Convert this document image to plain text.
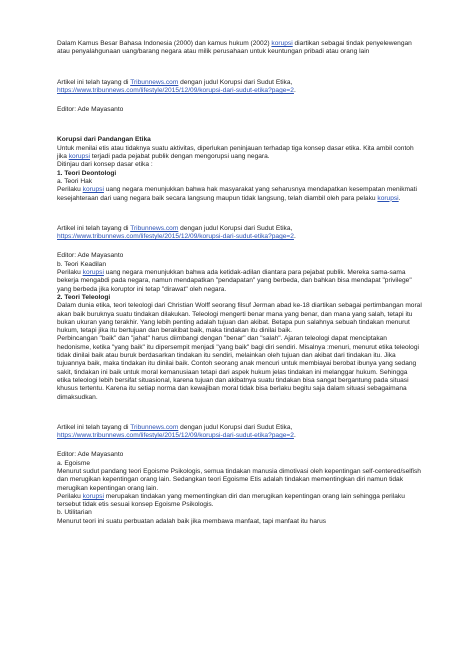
Dalam Kamus Besar Bahasa Indonesia (2000) dan kamus hukum (2002) korupsi diartikan sebagai tindak penyelewengan atau penyalahgunaan uang/barang negara atau milik perusahaan untuk keuntungan pribadi atau orang lain

Artikel ini telah tayang di Tribunnews.com dengan judul Korupsi dari Sudut Etika, https://www.tribunnews.com/lifestyle/2015/12/09/korupsi-dari-sudut-etika?page=2.

Editor: Ade Mayasanto

Korupsi dari Pandangan Etika

Untuk menilai etis atau tidaknya suatu aktivitas, diperlukan peninjauan terhadap tiga konsep dasar etika. Kita ambil contoh jika korupsi terjadi pada pejabat publik dengan mengorupsi uang negara.

Ditinjau dari konsep dasar etika :

1. Teori Deontologi

a. Teori Hak

Perilaku korupsi uang negara menunjukkan bahwa hak masyarakat yang seharusnya mendapatkan kesempatan menikmati kesejahteraan dari uang negara baik secara langsung maupun tidak langsung, telah diambil oleh para pelaku korupsi.

Artikel ini telah tayang di Tribunnews.com dengan judul Korupsi dari Sudut Etika, https://www.tribunnews.com/lifestyle/2015/12/09/korupsi-dari-sudut-etika?page=2.

Editor: Ade Mayasanto

b. Teori Keadilan

Perilaku korupsi uang negara menunjukkan bahwa ada ketidak-adilan diantara para pejabat publik. Mereka sama-sama bekerja mengabdi pada negara, namun mendapatkan "pendapatan" yang berbeda, dan bahkan bisa mendapat "privilege" yang berbeda jika koruptor ini tetap "dirawat" oleh negara.

2. Teori Teleologi

Dalam dunia etika, teori teleologi dari Christian Wolff seorang filsuf Jerman abad ke-18 diartikan sebagai pertimbangan moral akan baik buruknya suatu tindakan dilakukan. Teleologi mengerti benar mana yang benar, dan mana yang salah, tetapi itu bukan ukuran yang terakhir. Yang lebih penting adalah tujuan dan akibat. Betapa pun salahnya sebuah tindakan menurut hukum, tetapi jika itu bertujuan dan berakibat baik, maka tindakan itu dinilai baik.

Perbincangan "baik" dan "jahat" harus diimbangi dengan "benar" dan "salah". Ajaran teleologi dapat menciptakan hedonisme, ketika "yang baik" itu dipersempit menjadi "yang baik" bagi diri sendiri. Misalnya :menuri, menurut etika teleologi tidak dinilai baik atau buruk berdasarkan tindakan itu sendiri, melainkan oleh tujuan dan akibat dari tindakan itu. Jika tujuannya baik, maka tindakan itu dinilai baik. Contoh seorang anak mencuri untuk membiayai berobat ibunya yang sedang sakit, tindakan ini baik untuk moral kemanusiaan tetapi dari aspek hukum jelas tindakan ini melanggar hukum. Sehingga etika teleologi lebih bersifat situasional, karena tujuan dan akibatnya suatu tindakan bisa sangat bergantung pada situasi khusus tertentu. Karena itu setiap norma dan kewajiban moral tidak bisa berlaku begitu saja dalam situasi sebagaimana dimaksudkan.

Artikel ini telah tayang di Tribunnews.com dengan judul Korupsi dari Sudut Etika, https://www.tribunnews.com/lifestyle/2015/12/09/korupsi-dari-sudut-etika?page=2.

Editor: Ade Mayasanto

a. Egoisme

Menurut sudut pandang teori Egoisme Psikologis, semua tindakan manusia dimotivasi oleh kepentingan self-centered/selfish dan merugikan kepentingan orang lain. Sedangkan teori Egoisme Etis adalah tindakan mementingkan diri namun tidak merugikan kepentingan orang lain.

Perilaku korupsi merupakan tindakan yang mementingkan diri dan merugikan kepentingan orang lain sehingga perilaku tersebut tidak etis sesuai konsep Egoisme Psikologis.

b. Utilitarian

Menurut teori ini suatu perbuatan adalah baik jika membawa manfaat, tapi manfaat itu harus
